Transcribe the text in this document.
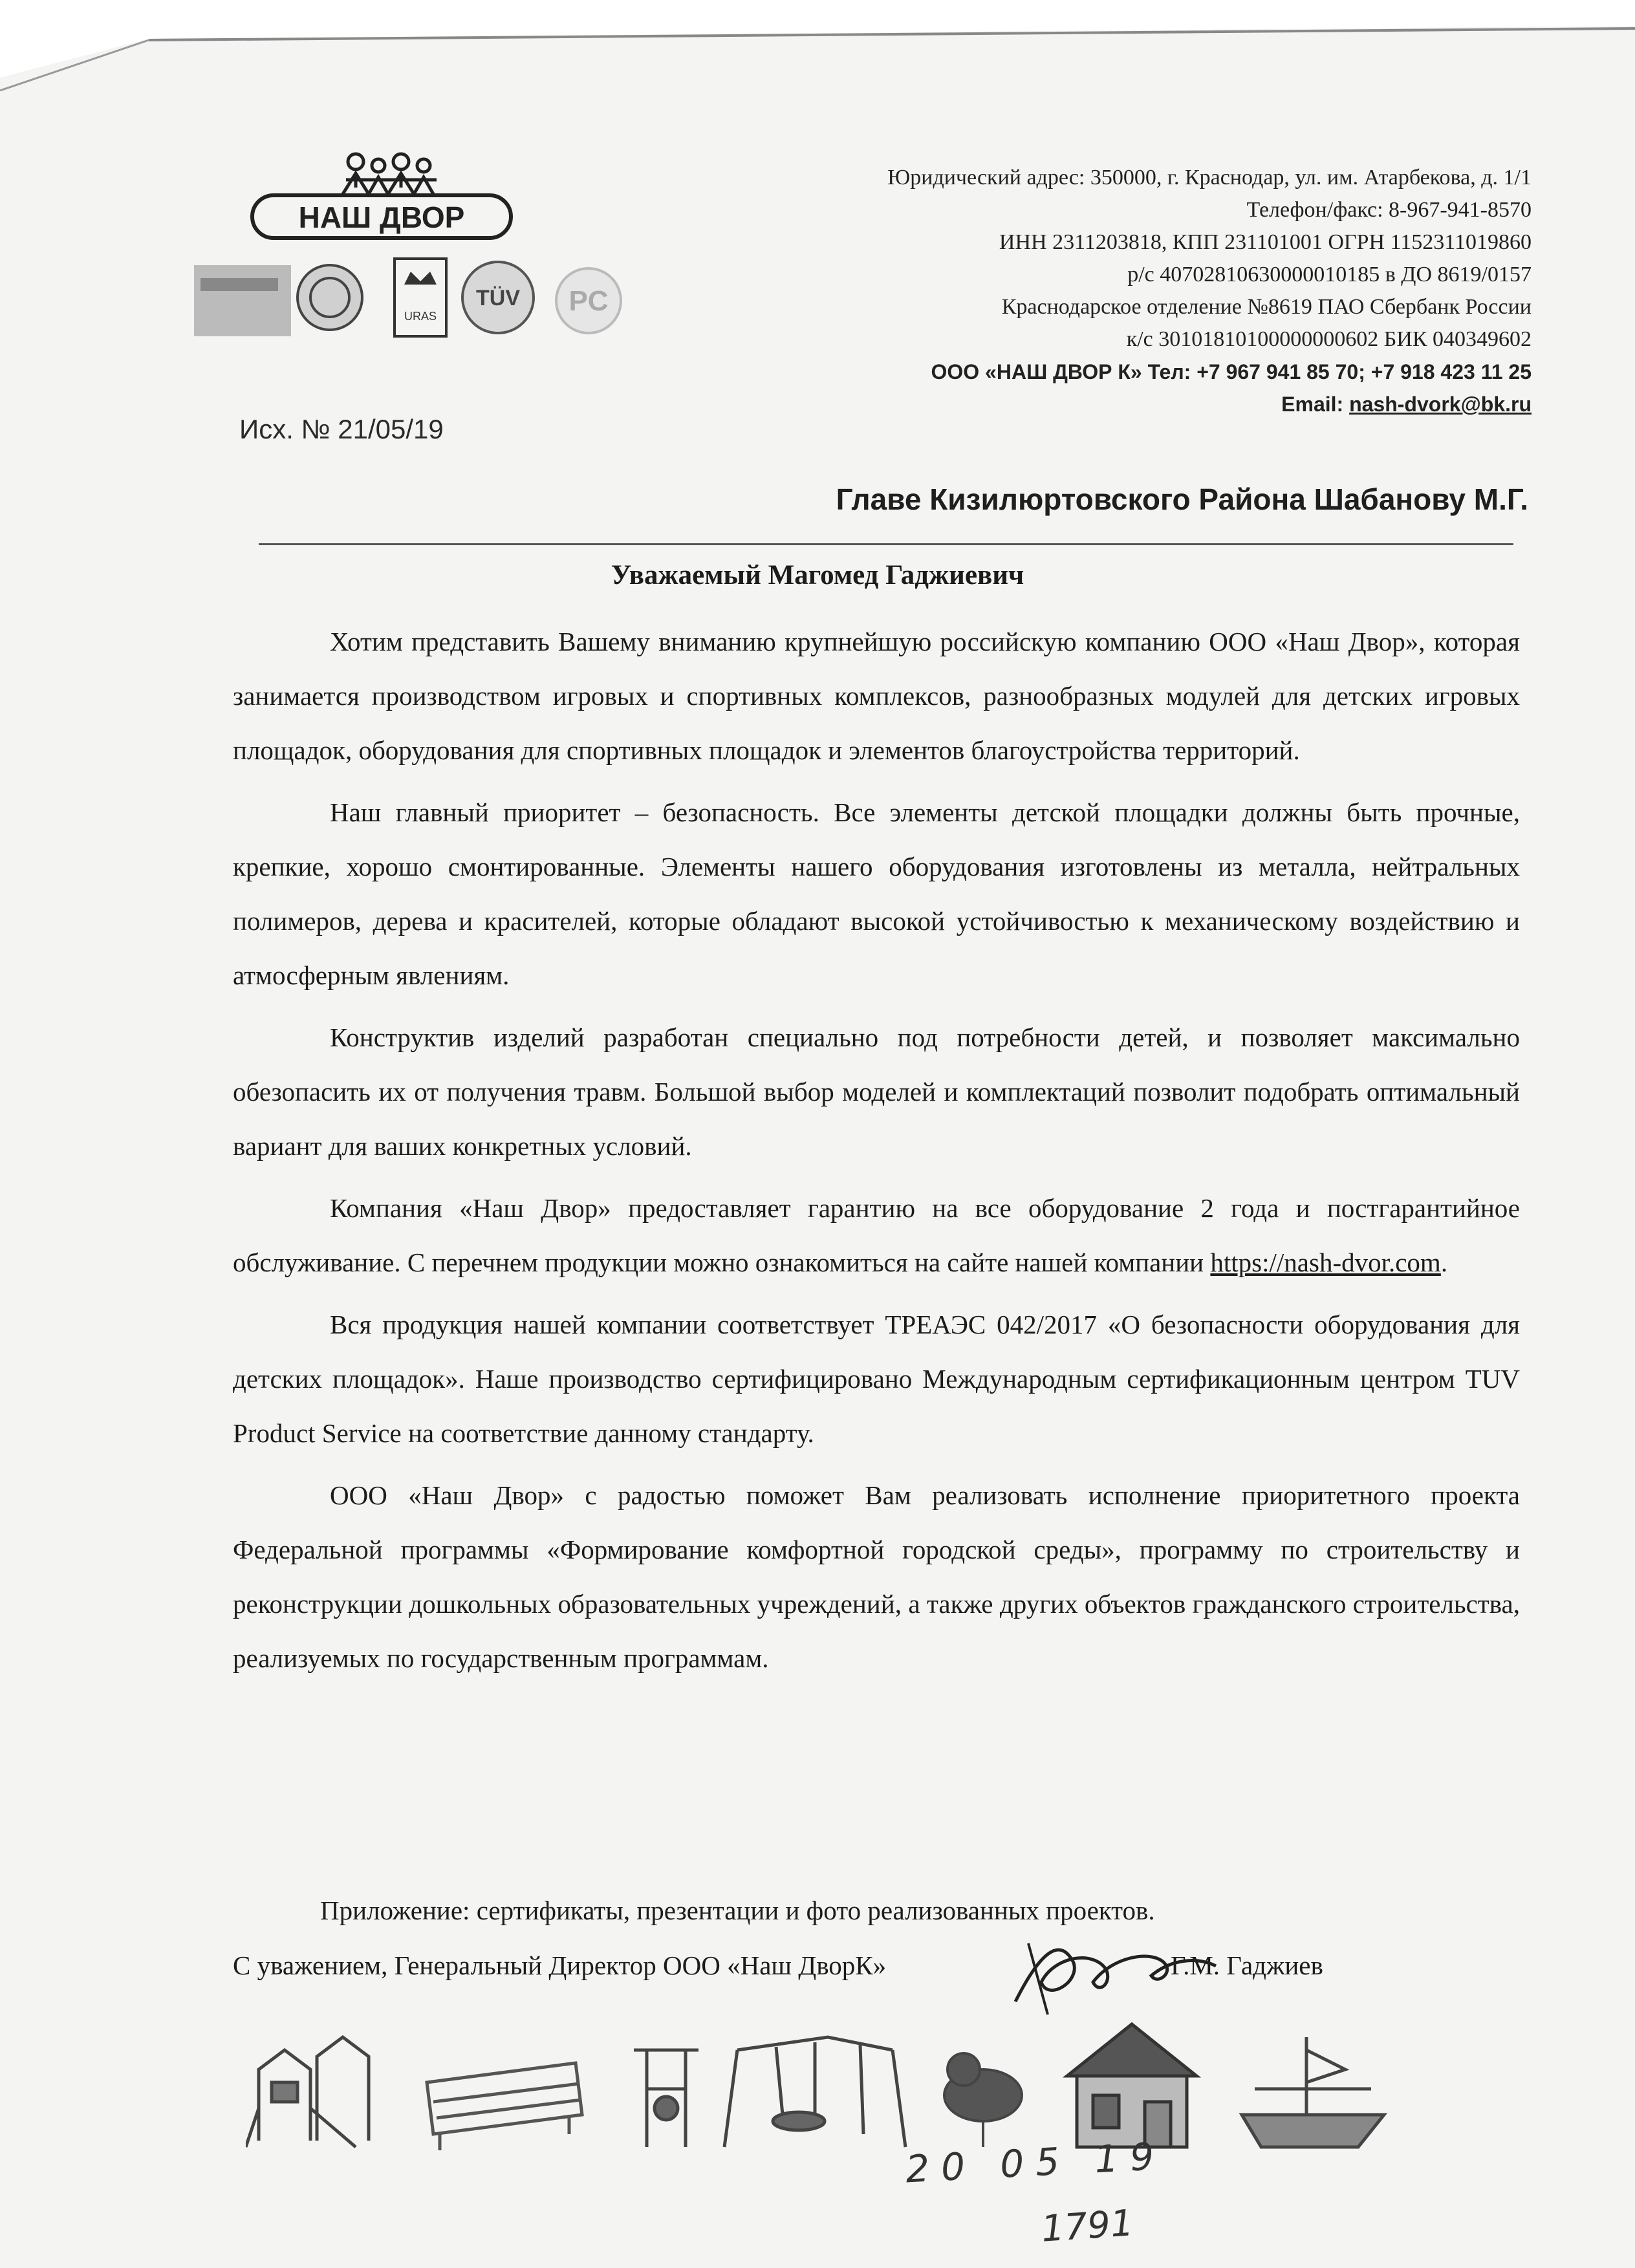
НАШ ДВОР
URAS
TÜV PC
Юридический адрес: 350000, г. Краснодар, ул. им. Атарбекова, д. 1/1
Телефон/факс: 8-967-941-8570
ИНН 2311203818, КПП 231101001 ОГРН 1152311019860
р/с 40702810630000010185 в ДО 8619/0157
Краснодарское отделение №8619 ПАО Сбербанк России
к/с 30101810100000000602 БИК 040349602
ООО «НАШ ДВОР К» Тел: +7 967 941 85 70; +7 918 423 11 25
Email: nash-dvork@bk.ru
Исх. № 21/05/19
Главе Кизилюртовского Района Шабанову М.Г.
Уважаемый Магомед Гаджиевич

Хотим представить Вашему вниманию крупнейшую российскую компанию ООО «Наш Двор», которая занимается производством игровых и спортивных комплексов, разнообразных модулей для детских игровых площадок, оборудования для спортивных площадок и элементов благоустройства территорий.

Наш главный приоритет – безопасность. Все элементы детской площадки должны быть прочные, крепкие, хорошо смонтированные. Элементы нашего оборудования изготовлены из металла, нейтральных полимеров, дерева и красителей, которые обладают высокой устойчивостью к механическому воздействию и атмосферным явлениям.

Конструктив изделий разработан специально под потребности детей, и позволяет максимально обезопасить их от получения травм. Большой выбор моделей и комплектаций позволит подобрать оптимальный вариант для ваших конкретных условий.

Компания «Наш Двор» предоставляет гарантию на все оборудование 2 года и постгарантийное обслуживание. С перечнем продукции можно ознакомиться на сайте нашей компании https://nash-dvor.com.

Вся продукция нашей компании соответствует ТРЕАЭС 042/2017 «О безопасности оборудования для детских площадок». Наше производство сертифицировано Международным сертификационным центром TUV Product Service на соответствие данному стандарту.

ООО «Наш Двор» с радостью поможет Вам реализовать исполнение приоритетного проекта Федеральной программы «Формирование комфортной городской среды», программу по строительству и реконструкции дошкольных образовательных учреждений, а также других объектов гражданского строительства, реализуемых по государственным программам.

Приложение: сертификаты, презентации и фото реализованных проектов.
С уважением, Генеральный Директор ООО «Наш ДворК»	Г.М. Гаджиев
20 05 19
1791
